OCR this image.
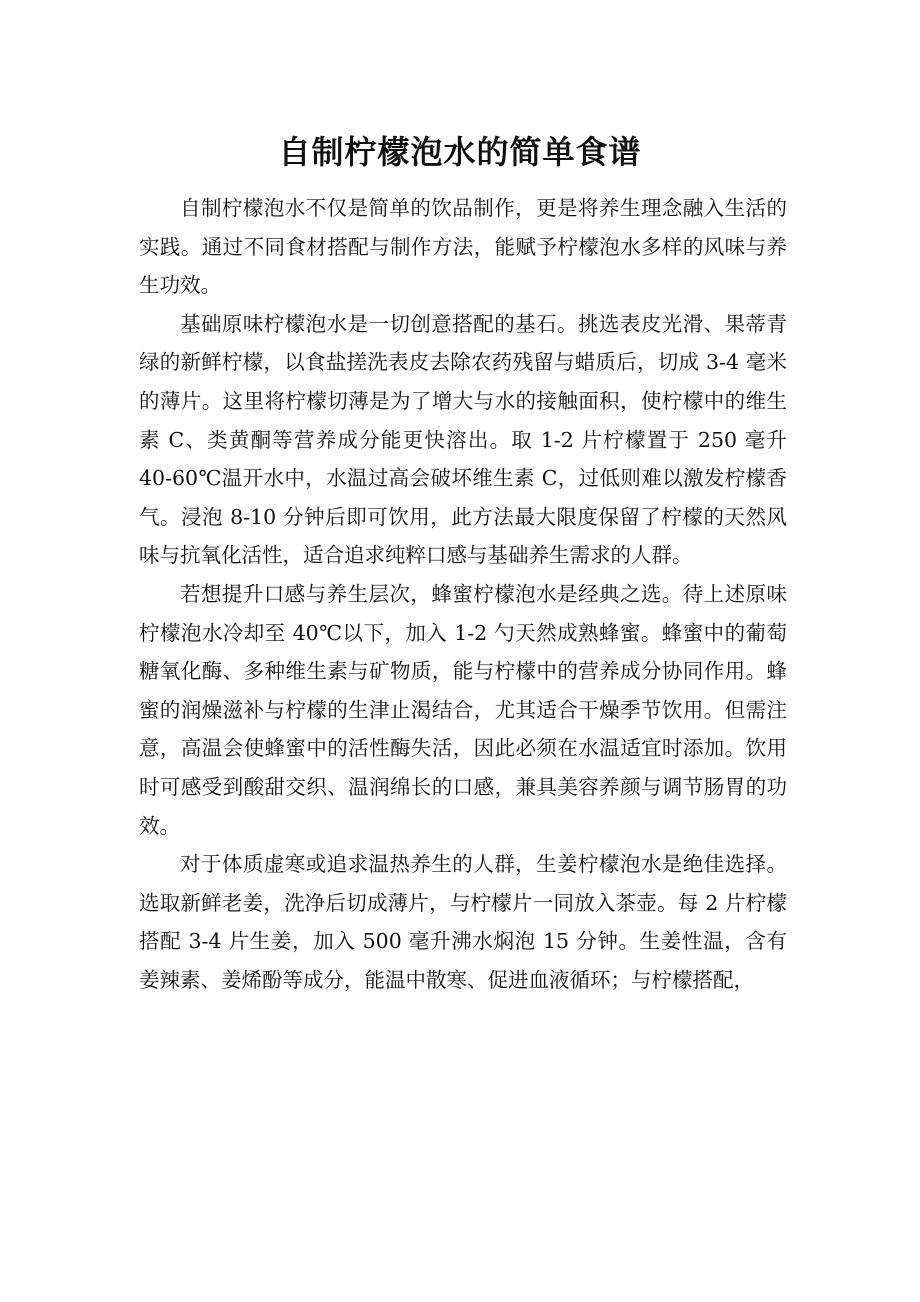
自制柠檬泡水的简单食谱

自制柠檬泡水不仅是简单的饮品制作，更是将养生理念融入生活的实践。通过不同食材搭配与制作方法，能赋予柠檬泡水多样的风味与养生功效。

基础原味柠檬泡水是一切创意搭配的基石。挑选表皮光滑、果蒂青绿的新鲜柠檬，以食盐搓洗表皮去除农药残留与蜡质后，切成 3-4 毫米的薄片。这里将柠檬切薄是为了增大与水的接触面积，使柠檬中的维生素 C、类黄酮等营养成分能更快溶出。取 1-2 片柠檬置于 250 毫升 40-60℃温开水中，水温过高会破坏维生素 C，过低则难以激发柠檬香气。浸泡 8-10 分钟后即可饮用，此方法最大限度保留了柠檬的天然风味与抗氧化活性，适合追求纯粹口感与基础养生需求的人群。

若想提升口感与养生层次，蜂蜜柠檬泡水是经典之选。待上述原味柠檬泡水冷却至 40℃以下，加入 1-2 勺天然成熟蜂蜜。蜂蜜中的葡萄糖氧化酶、多种维生素与矿物质，能与柠檬中的营养成分协同作用。蜂蜜的润燥滋补与柠檬的生津止渴结合，尤其适合干燥季节饮用。但需注意，高温会使蜂蜜中的活性酶失活，因此必须在水温适宜时添加。饮用时可感受到酸甜交织、温润绵长的口感，兼具美容养颜与调节肠胃的功效。

对于体质虚寒或追求温热养生的人群，生姜柠檬泡水是绝佳选择。选取新鲜老姜，洗净后切成薄片，与柠檬片一同放入茶壶。每 2 片柠檬搭配 3-4 片生姜，加入 500 毫升沸水焖泡 15 分钟。生姜性温，含有姜辣素、姜烯酚等成分，能温中散寒、促进血液循环；与柠檬搭配，
